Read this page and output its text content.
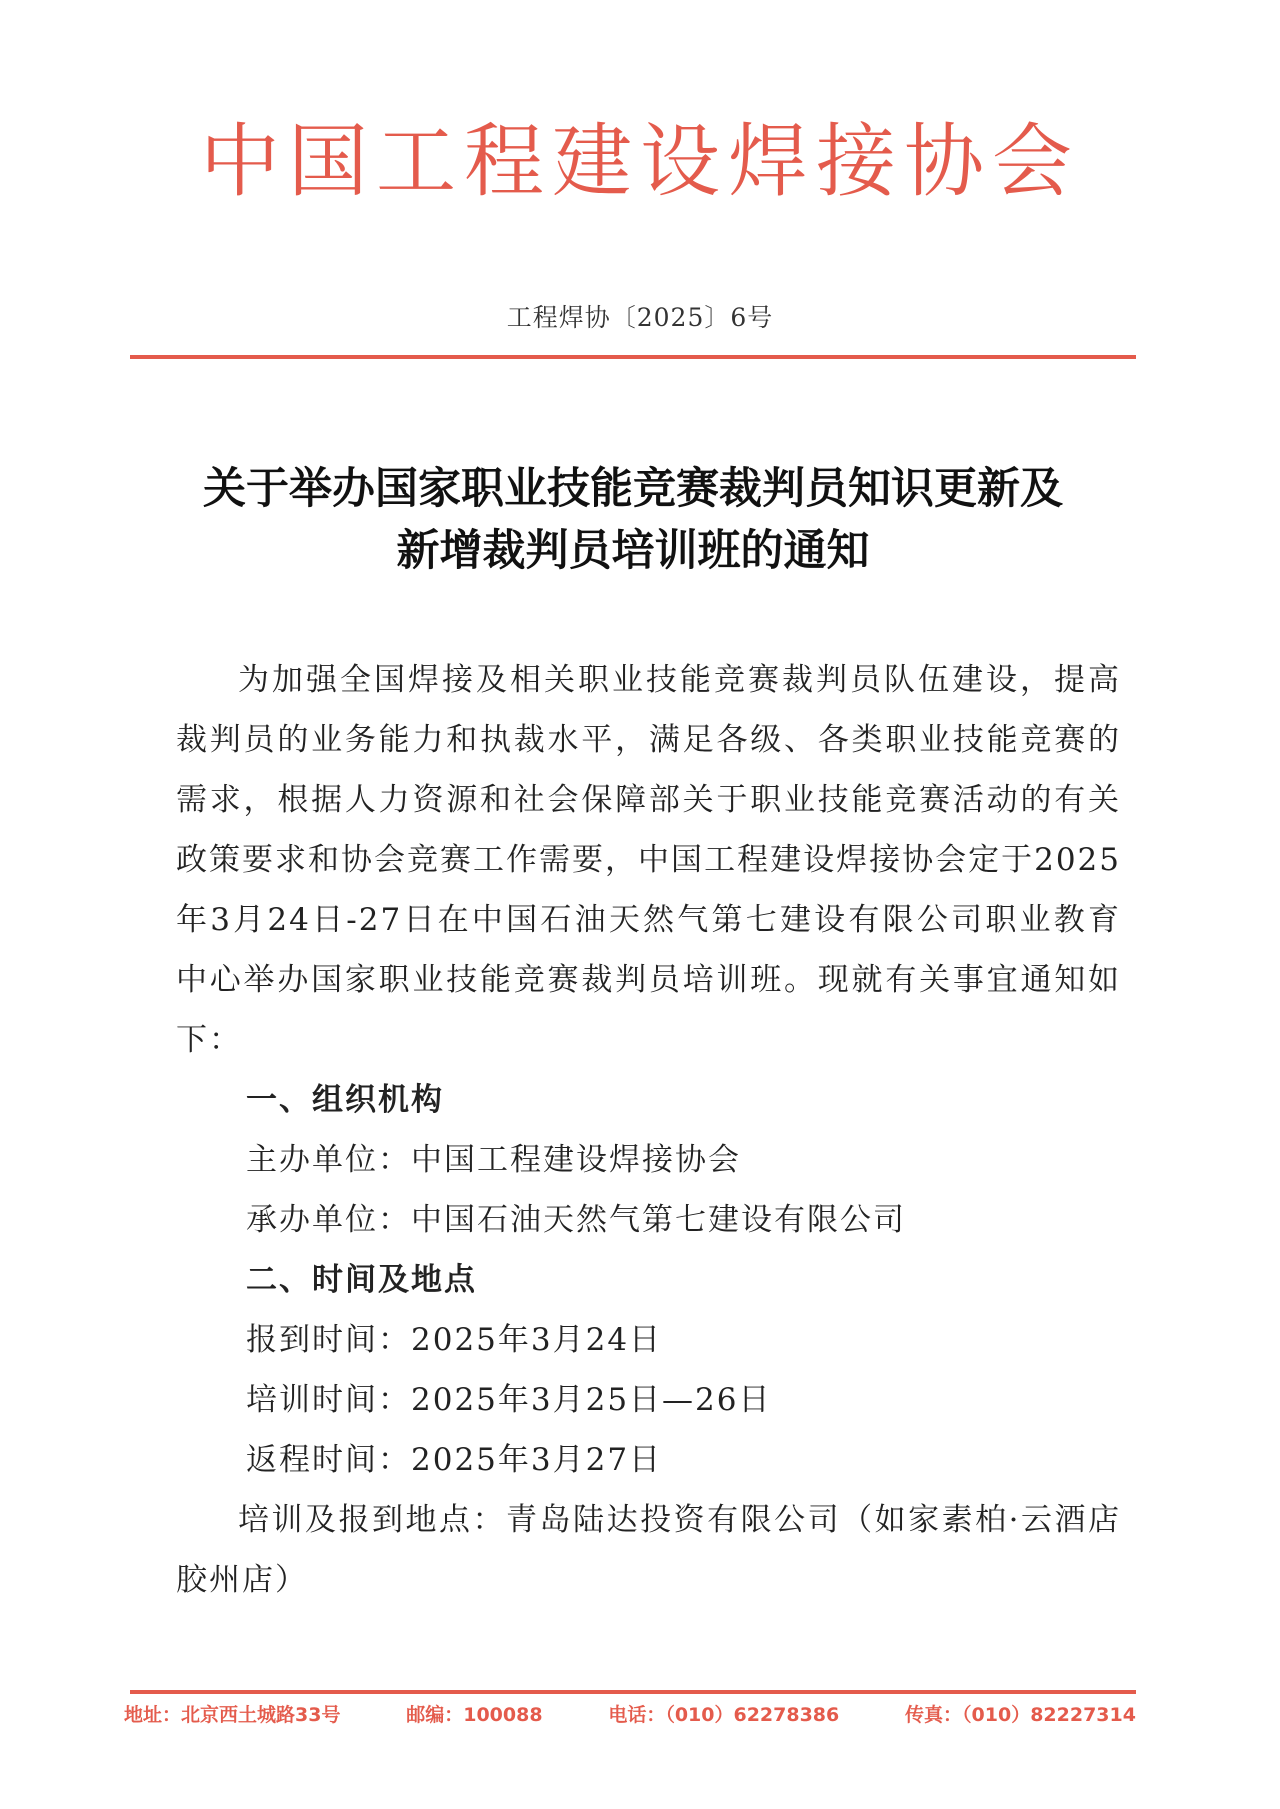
中国工程建设焊接协会
工程焊协〔2025〕6号
关于举办国家职业技能竞赛裁判员知识更新及
新增裁判员培训班的通知

为加强全国焊接及相关职业技能竞赛裁判员队伍建设，提高裁判员的业务能力和执裁水平，满足各级、各类职业技能竞赛的需求，根据人力资源和社会保障部关于职业技能竞赛活动的有关政策要求和协会竞赛工作需要，中国工程建设焊接协会定于2025年3月24日-27日在中国石油天然气第七建设有限公司职业教育中心举办国家职业技能竞赛裁判员培训班。现就有关事宜通知如下：

一、组织机构

主办单位：中国工程建设焊接协会

承办单位：中国石油天然气第七建设有限公司

二、时间及地点

报到时间：2025年3月24日

培训时间：2025年3月25日—26日

返程时间：2025年3月27日

培训及报到地点：青岛陆达投资有限公司（如家素柏·云酒店胶州店）

地址：北京西土城路33号	邮编：100088	电话：（010）62278386	传真：（010）82227314
